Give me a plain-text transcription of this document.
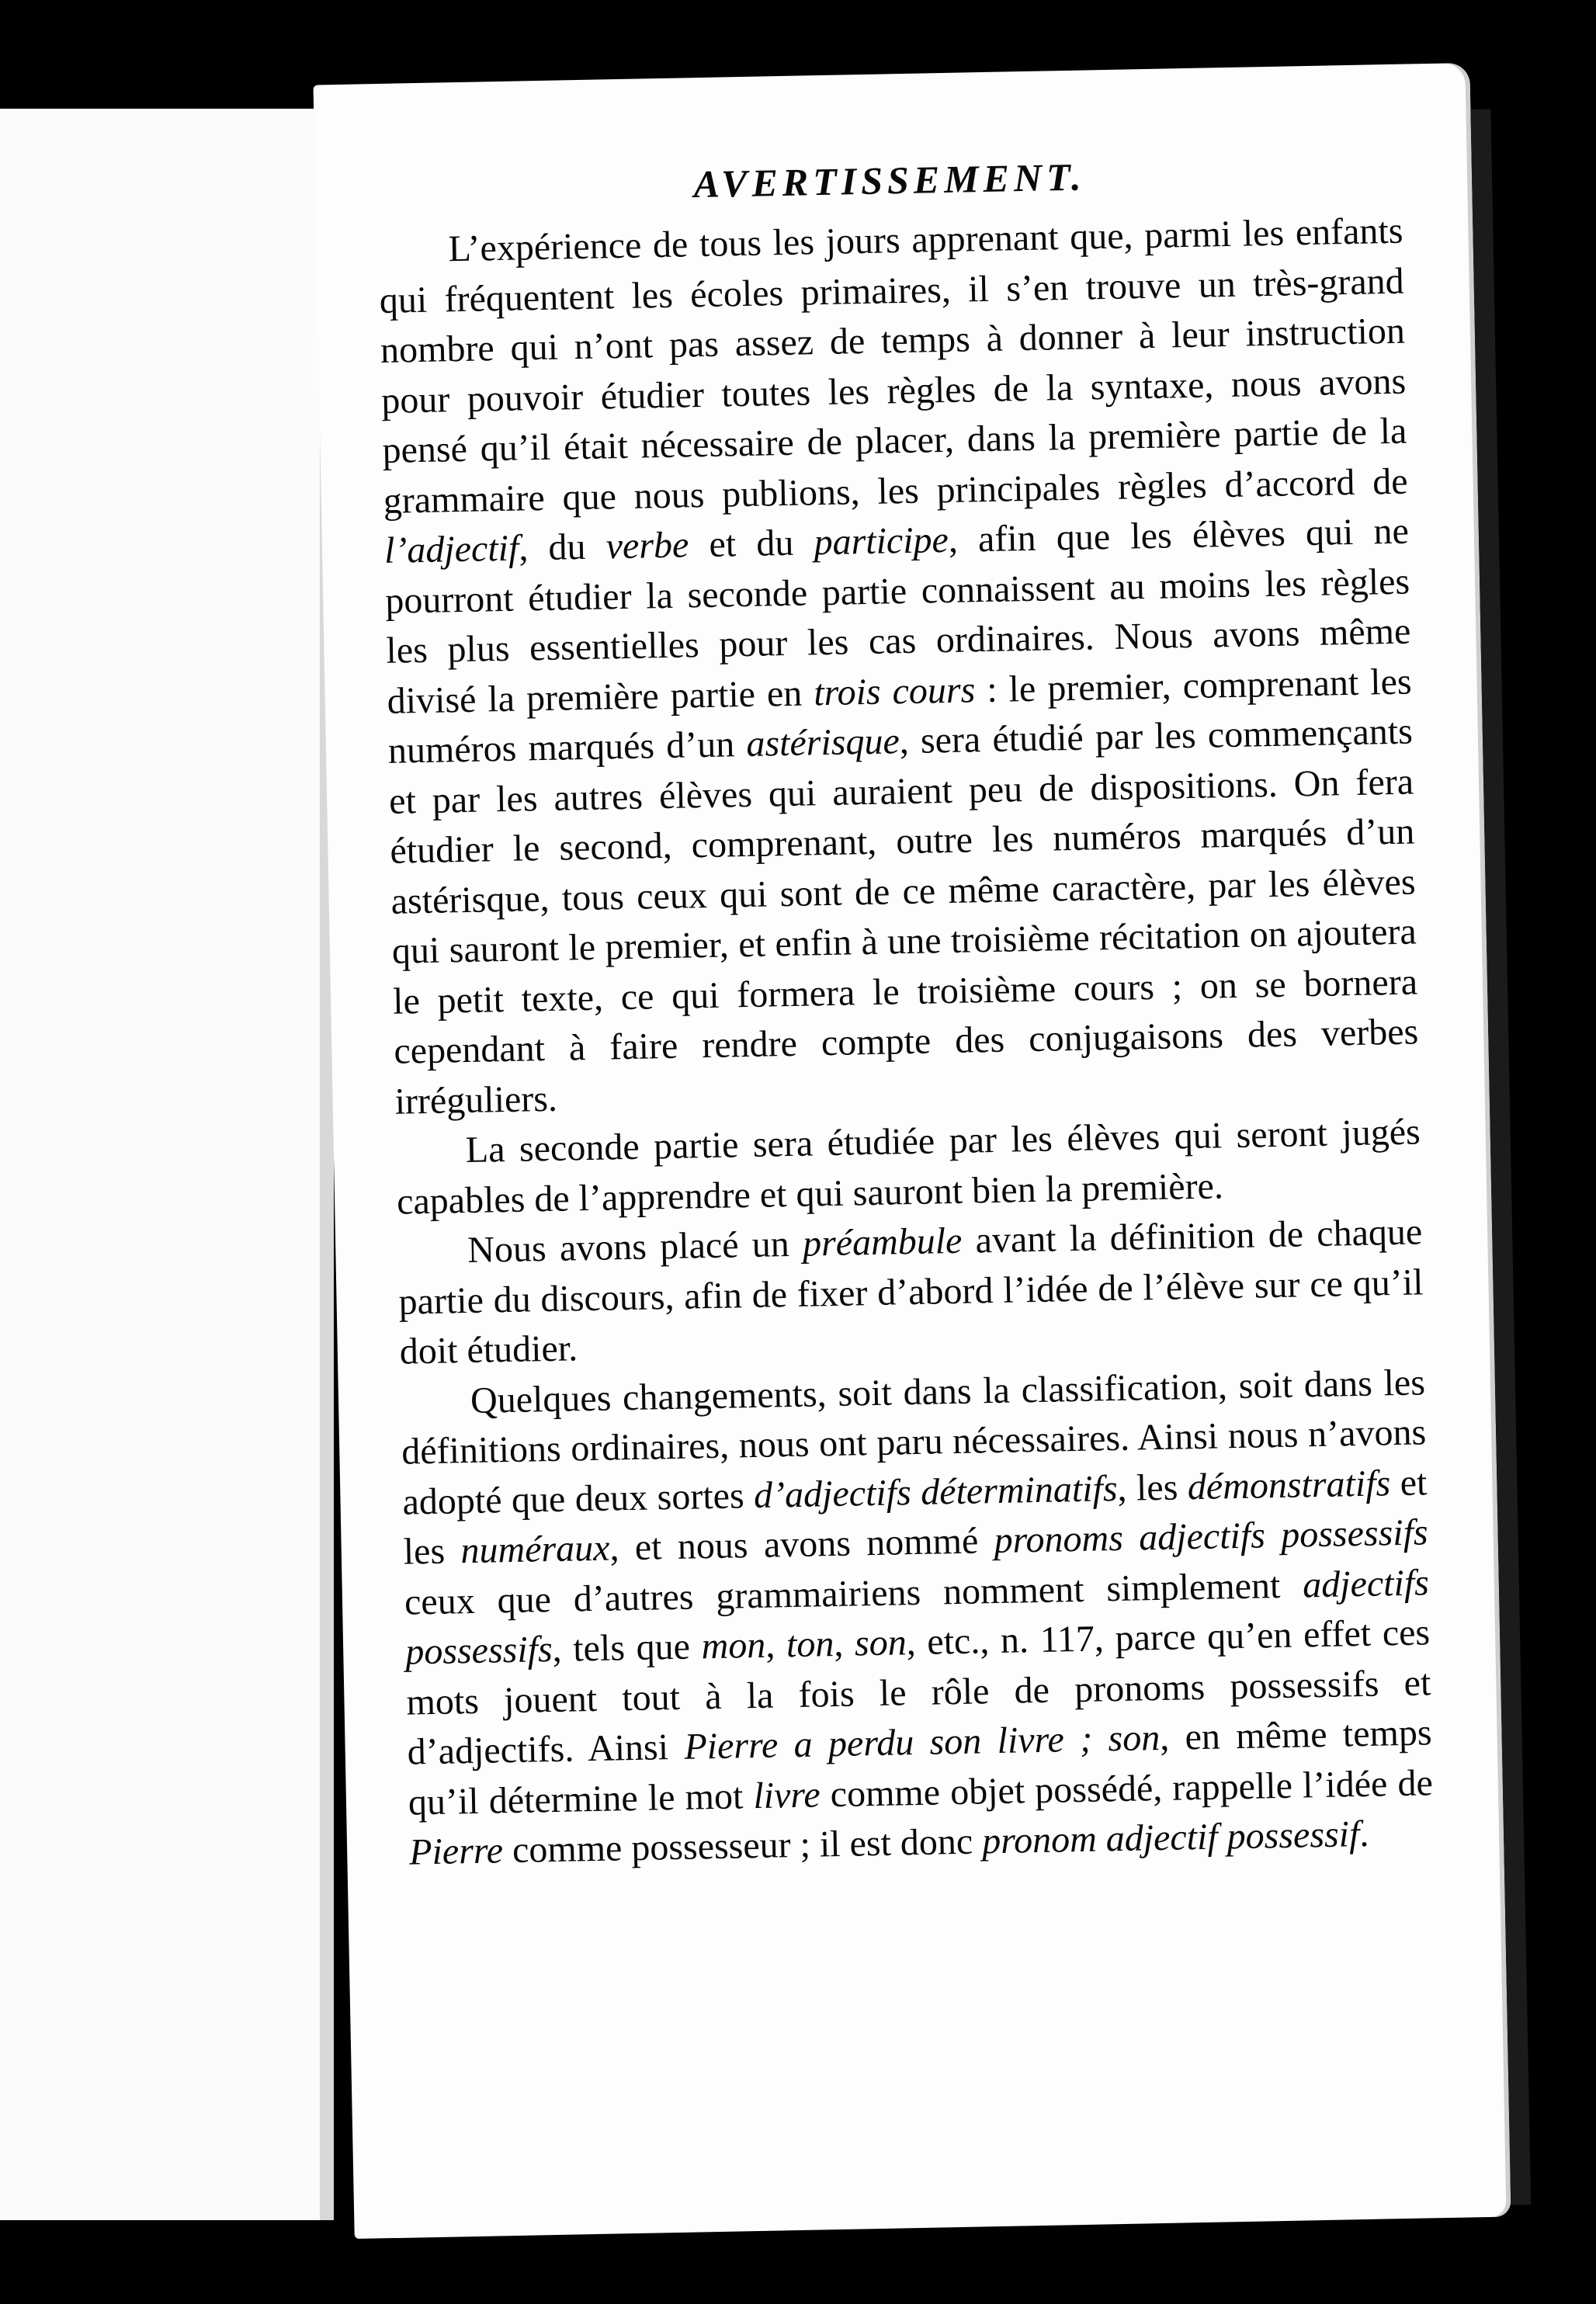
AVERTISSEMENT.

L’expérience de tous les jours apprenant que, parmi les enfants qui fréquentent les écoles primaires, il s’en trouve un très-grand nombre qui n’ont pas assez de temps à donner à leur instruction pour pouvoir étudier toutes les règles de la syntaxe, nous avons pensé qu’il était nécessaire de placer, dans la première partie de la grammaire que nous publions, les principales règles d’accord de l’adjectif, du verbe et du participe, afin que les élèves qui ne pourront étudier la seconde partie connaissent au moins les règles les plus essentielles pour les cas ordinaires. Nous avons même divisé la première partie en trois cours : le premier, comprenant les numéros marqués d’un astérisque, sera étudié par les commençants et par les autres élèves qui auraient peu de dispositions. On fera étudier le second, comprenant, outre les numéros marqués d’un astérisque, tous ceux qui sont de ce même caractère, par les élèves qui sauront le premier, et enfin à une troisième récitation on ajoutera le petit texte, ce qui formera le troisième cours ; on se bornera cependant à faire rendre compte des conjugaisons des verbes irréguliers.

La seconde partie sera étudiée par les élèves qui seront jugés capables de l’apprendre et qui sauront bien la première.

Nous avons placé un préambule avant la définition de chaque partie du discours, afin de fixer d’abord l’idée de l’élève sur ce qu’il doit étudier.

Quelques changements, soit dans la classification, soit dans les définitions ordinaires, nous ont paru nécessaires. Ainsi nous n’avons adopté que deux sortes d’adjectifs déterminatifs, les démonstratifs et les numéraux, et nous avons nommé pronoms adjectifs possessifs ceux que d’autres grammairiens nomment simplement adjectifs possessifs, tels que mon, ton, son, etc., n. 117, parce qu’en effet ces mots jouent tout à la fois le rôle de pronoms possessifs et d’adjectifs. Ainsi Pierre a perdu son livre ; son, en même temps qu’il détermine le mot livre comme objet possédé, rappelle l’idée de Pierre comme possesseur ; il est donc pronom adjectif possessif.
